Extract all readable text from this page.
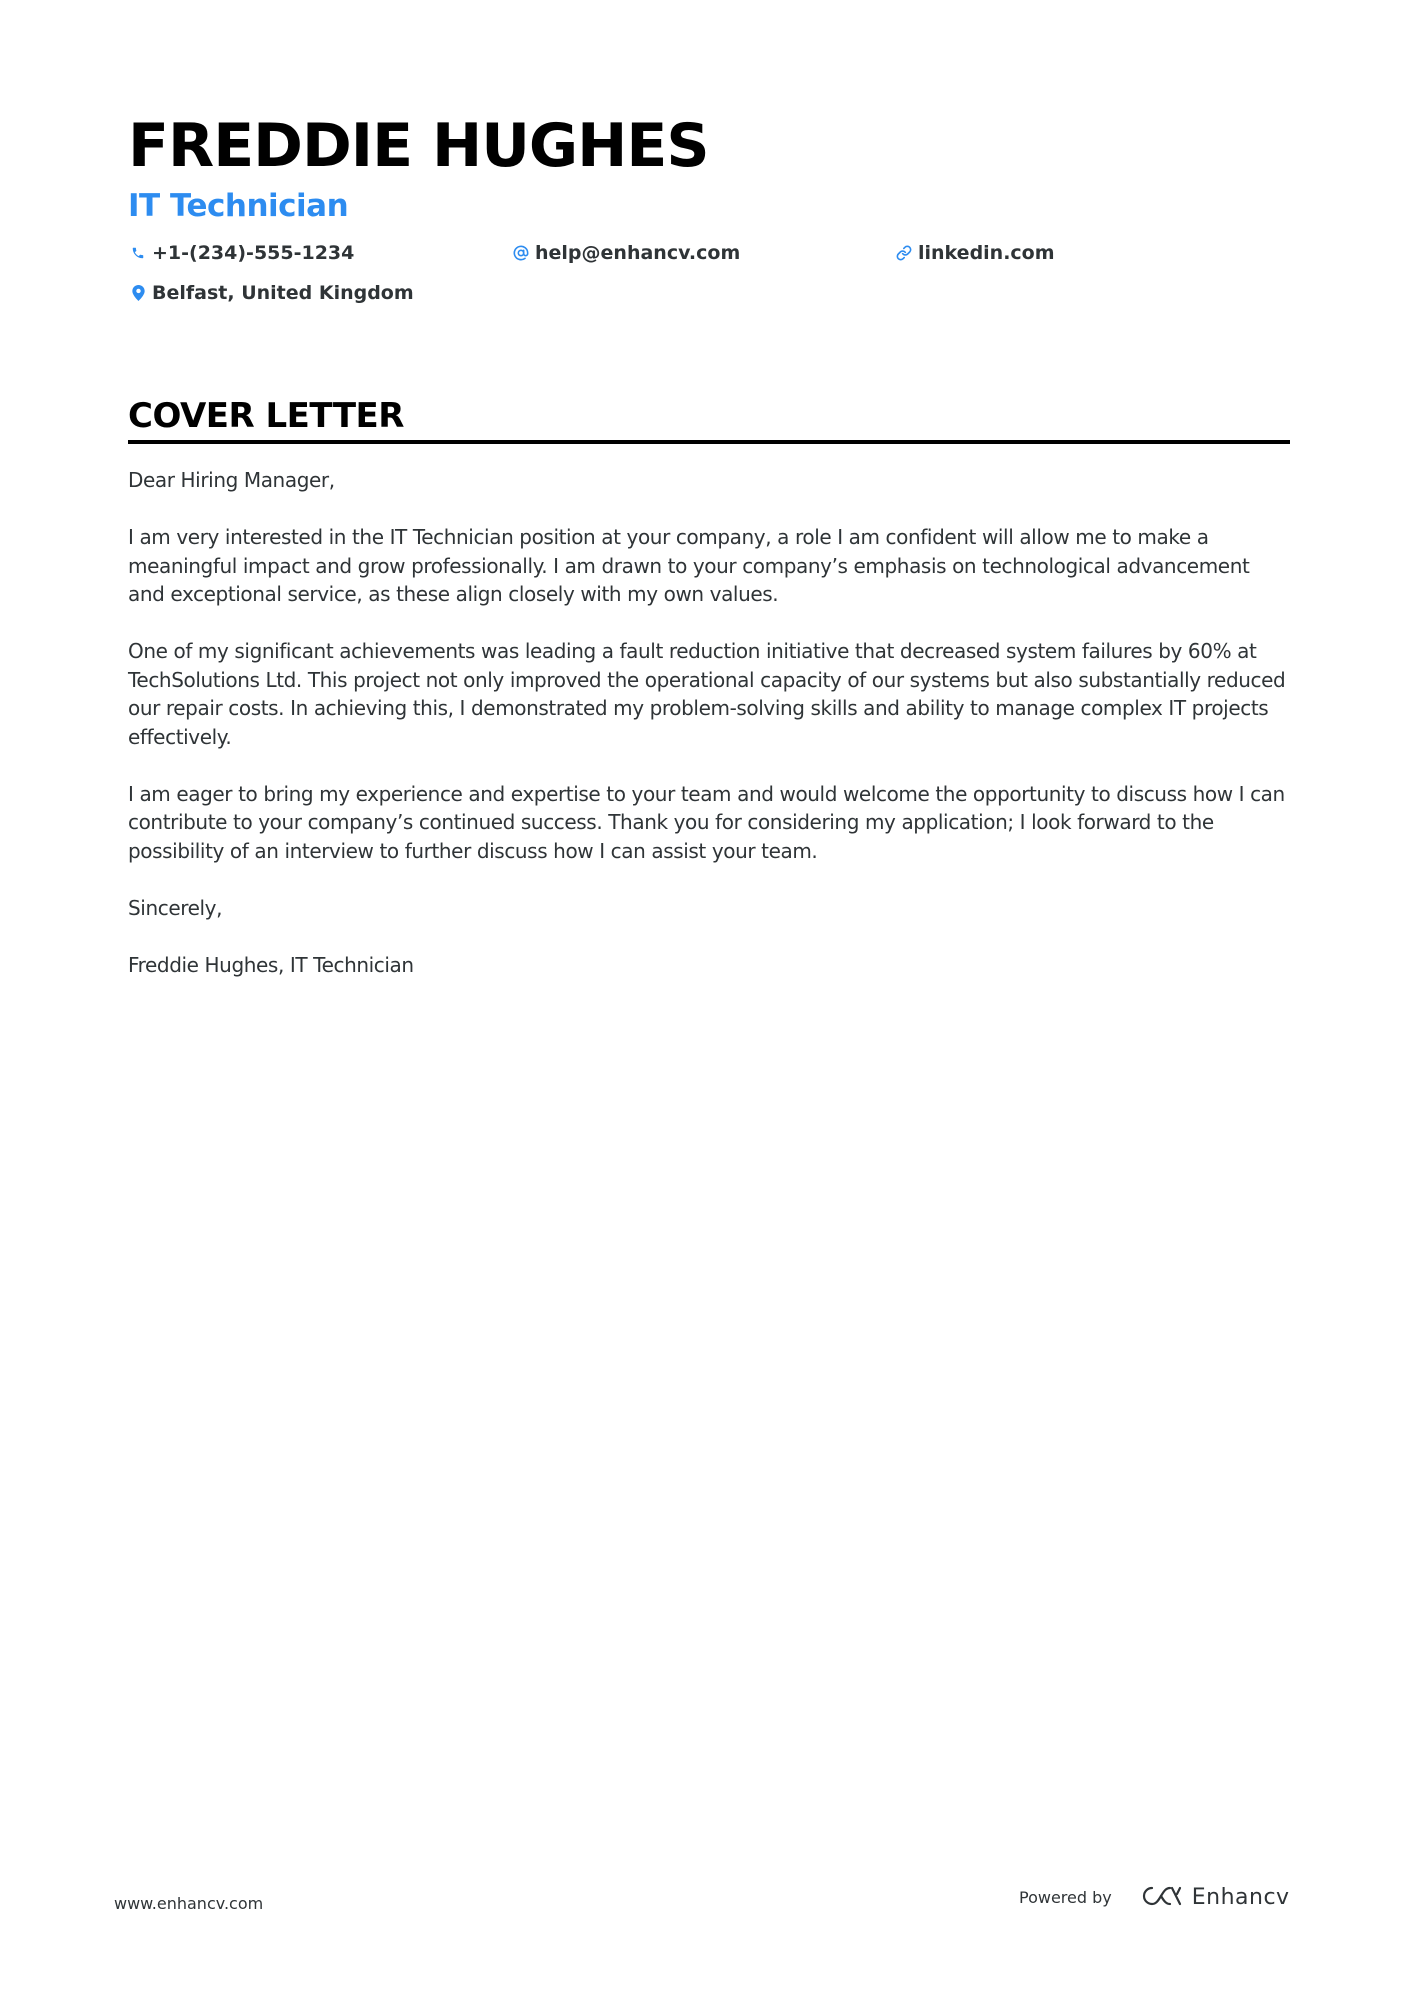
FREDDIE HUGHES
IT Technician
+1-(234)-555-1234	help@enhancv.com	linkedin.com
Belfast, United Kingdom
COVER LETTER

Dear Hiring Manager,

I am very interested in the IT Technician position at your company, a role I am confident will allow me to make a meaningful impact and grow professionally. I am drawn to your company’s emphasis on technological advancement and exceptional service, as these align closely with my own values.

One of my significant achievements was leading a fault reduction initiative that decreased system failures by 60% at TechSolutions Ltd. This project not only improved the operational capacity of our systems but also substantially reduced our repair costs. In achieving this, I demonstrated my problem-solving skills and ability to manage complex IT projects effectively.

I am eager to bring my experience and expertise to your team and would welcome the opportunity to discuss how I can contribute to your company’s continued success. Thank you for considering my application; I look forward to the possibility of an interview to further discuss how I can assist your team.

Sincerely,

Freddie Hughes, IT Technician

www.enhancv.com	Powered by	Enhancv
